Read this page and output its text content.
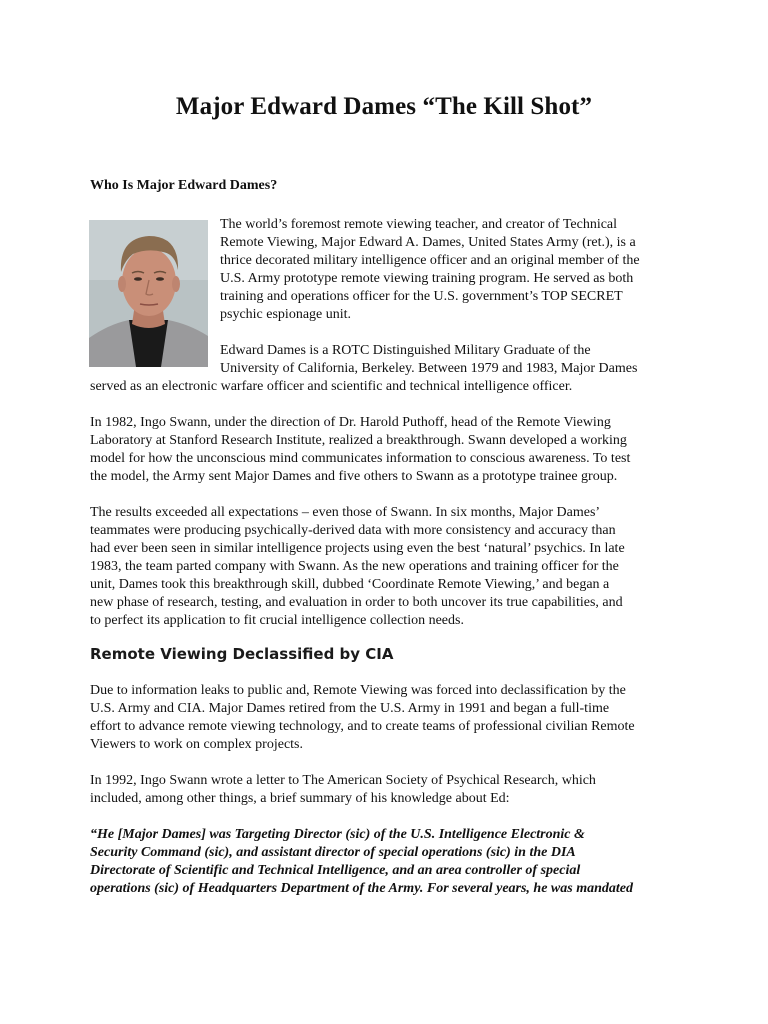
Major Edward Dames “The Kill Shot”
Who Is Major Edward Dames?
The world’s foremost remote viewing teacher, and creator of Technical
Remote Viewing, Major Edward A. Dames, United States Army (ret.), is a
thrice decorated military intelligence officer and an original member of the
U.S. Army prototype remote viewing training program. He served as both
training and operations officer for the U.S. government’s TOP SECRET
psychic espionage unit.
Edward Dames is a ROTC Distinguished Military Graduate of the
University of California, Berkeley. Between 1979 and 1983, Major Dames
served as an electronic warfare officer and scientific and technical intelligence officer.
In 1982, Ingo Swann, under the direction of Dr. Harold Puthoff, head of the Remote Viewing
Laboratory at Stanford Research Institute, realized a breakthrough. Swann developed a working
model for how the unconscious mind communicates information to conscious awareness. To test
the model, the Army sent Major Dames and five others to Swann as a prototype trainee group.
The results exceeded all expectations – even those of Swann. In six months, Major Dames’
teammates were producing psychically-derived data with more consistency and accuracy than
had ever been seen in similar intelligence projects using even the best ‘natural’ psychics. In late
1983, the team parted company with Swann. As the new operations and training officer for the
unit, Dames took this breakthrough skill, dubbed ‘Coordinate Remote Viewing,’ and began a
new phase of research, testing, and evaluation in order to both uncover its true capabilities, and
to perfect its application to fit crucial intelligence collection needs.
Remote Viewing Declassified by CIA
Due to information leaks to public and, Remote Viewing was forced into declassification by the
U.S. Army and CIA. Major Dames retired from the U.S. Army in 1991 and began a full-time
effort to advance remote viewing technology, and to create teams of professional civilian Remote
Viewers to work on complex projects.
In 1992, Ingo Swann wrote a letter to The American Society of Psychical Research, which
included, among other things, a brief summary of his knowledge about Ed:
“He [Major Dames] was Targeting Director (sic) of the U.S. Intelligence Electronic &
Security Command (sic), and assistant director of special operations (sic) in the DIA
Directorate of Scientific and Technical Intelligence, and an area controller of special
operations (sic) of Headquarters Department of the Army. For several years, he was mandated
